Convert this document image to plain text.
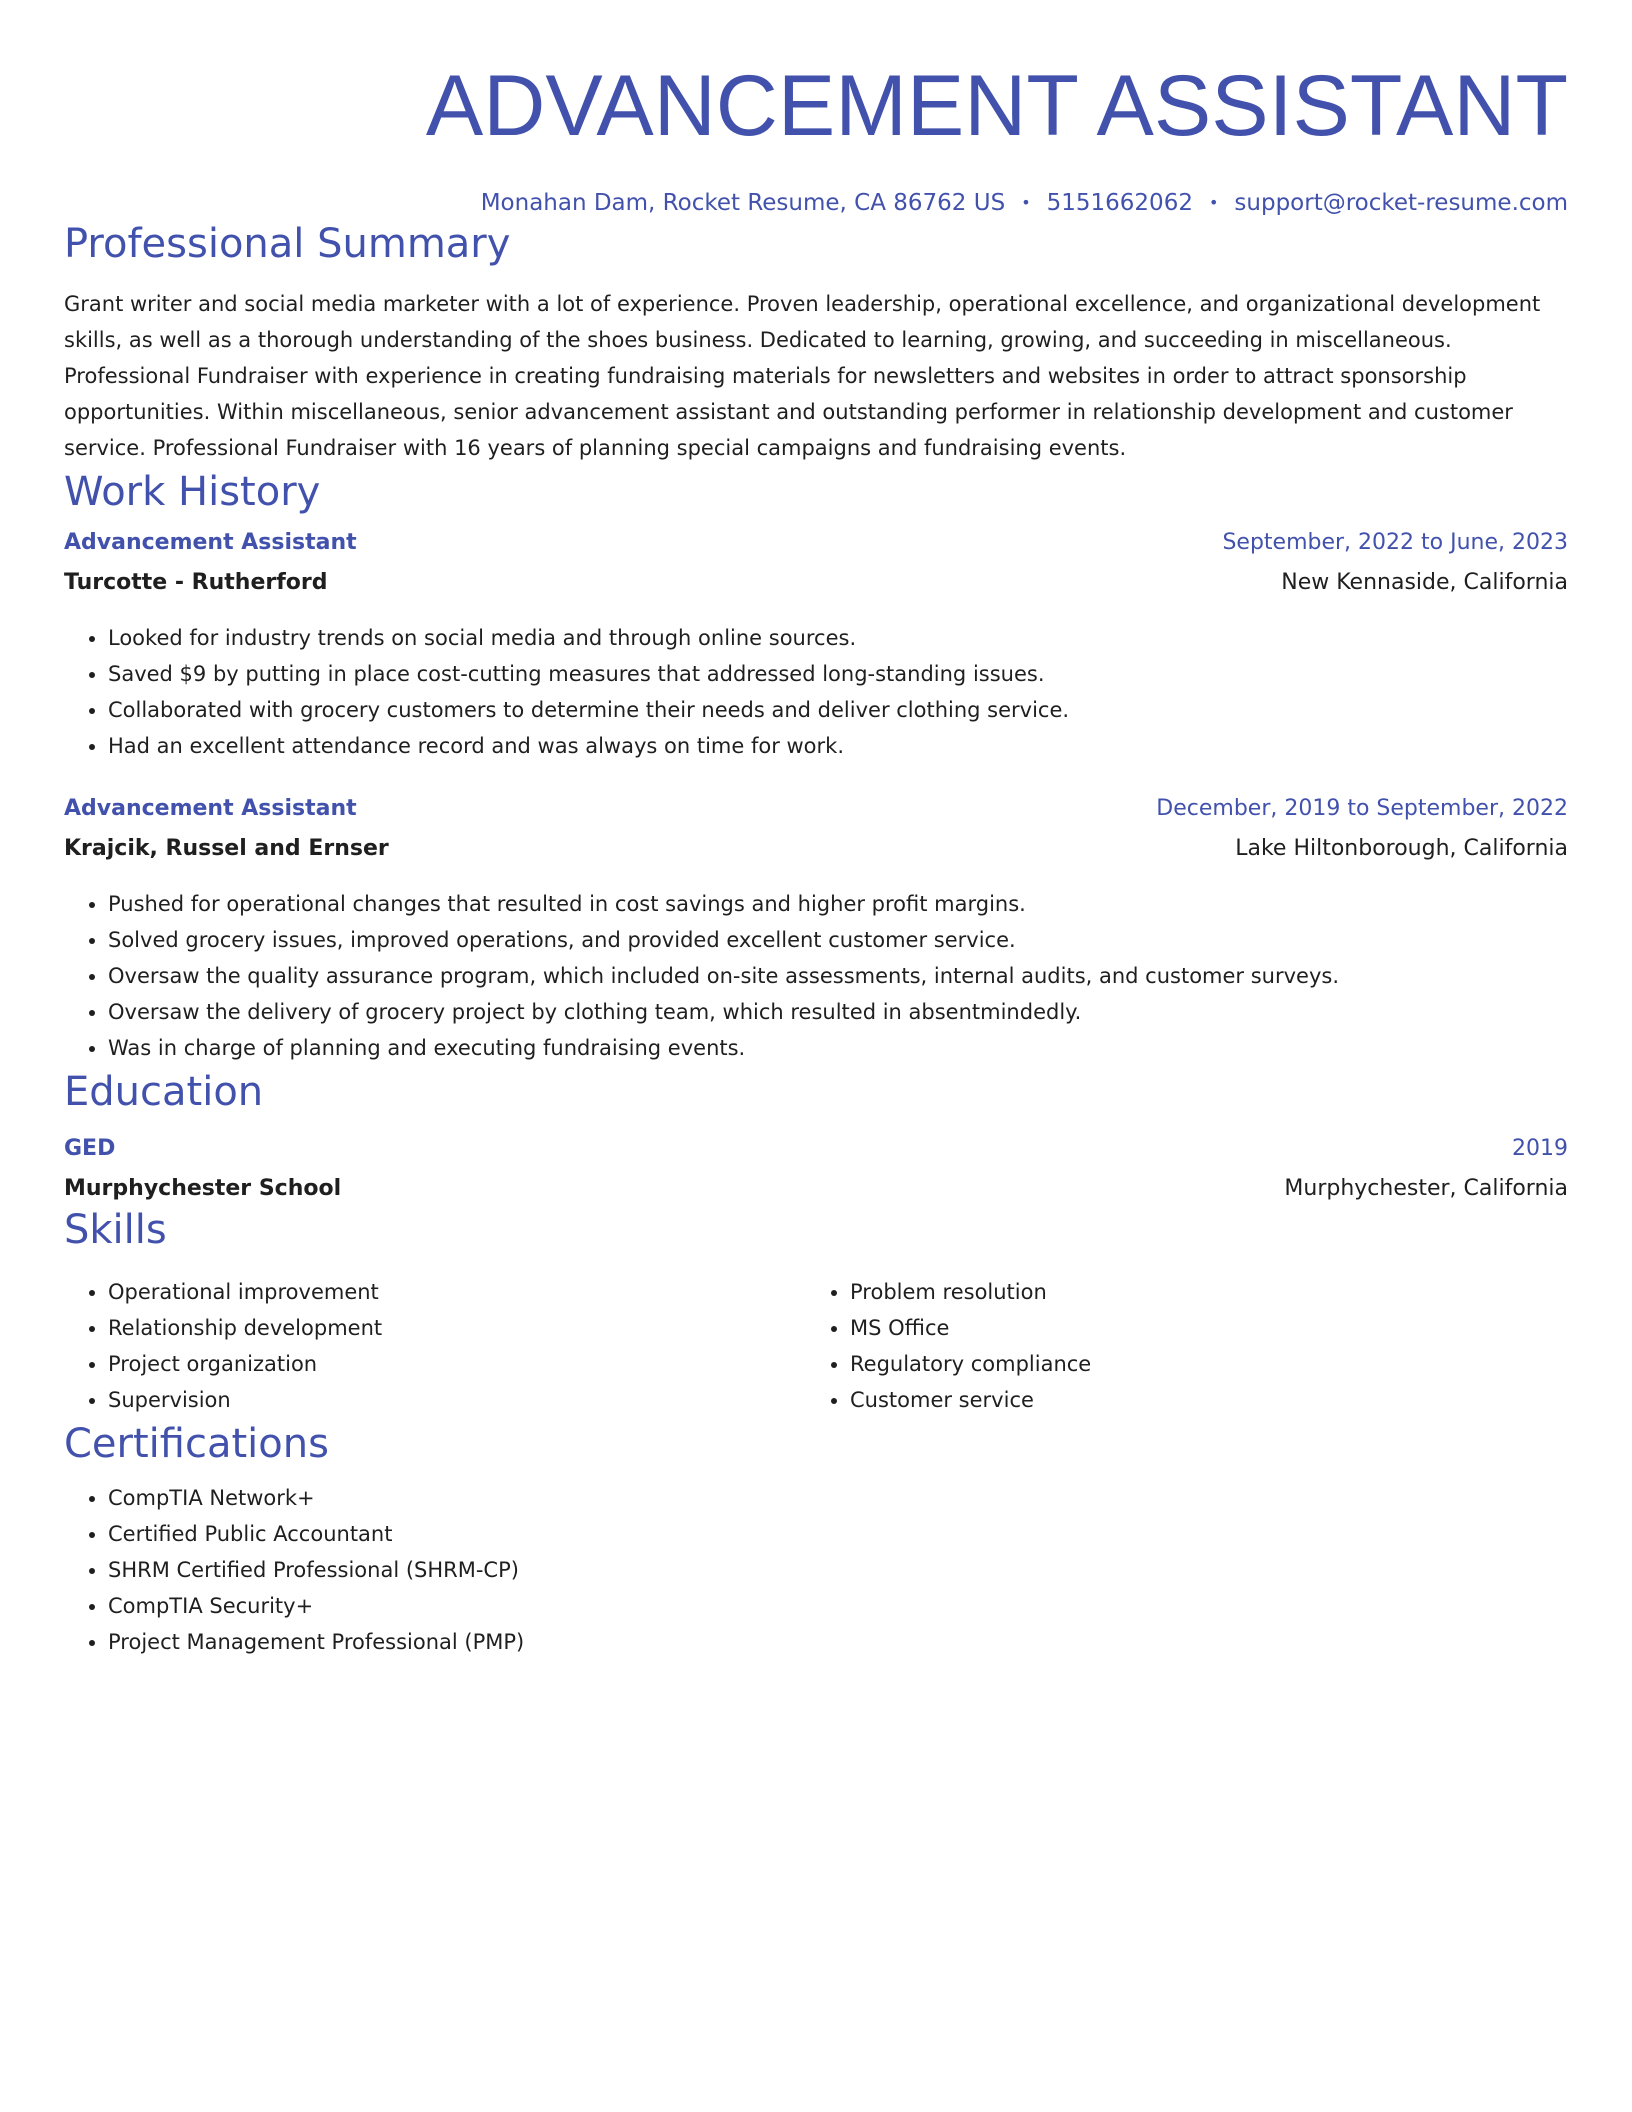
ADVANCEMENT ASSISTANT
Monahan Dam, Rocket Resume, CA 86762 US • 5151662062 • support@rocket-resume.com
Professional Summary
Grant writer and social media marketer with a lot of experience. Proven leadership, operational excellence, and organizational development skills, as well as a thorough understanding of the shoes business. Dedicated to learning, growing, and succeeding in miscellaneous. Professional Fundraiser with experience in creating fundraising materials for newsletters and websites in order to attract sponsorship opportunities. Within miscellaneous, senior advancement assistant and outstanding performer in relationship development and customer service. Professional Fundraiser with 16 years of planning special campaigns and fundraising events.
Work History
Advancement Assistant	September, 2022 to June, 2023
Turcotte - Rutherford	New Kennaside, California
• Looked for industry trends on social media and through online sources.
• Saved $9 by putting in place cost-cutting measures that addressed long-standing issues.
• Collaborated with grocery customers to determine their needs and deliver clothing service.
• Had an excellent attendance record and was always on time for work.
Advancement Assistant	December, 2019 to September, 2022
Krajcik, Russel and Ernser	Lake Hiltonborough, California
• Pushed for operational changes that resulted in cost savings and higher profit margins.
• Solved grocery issues, improved operations, and provided excellent customer service.
• Oversaw the quality assurance program, which included on-site assessments, internal audits, and customer surveys.
• Oversaw the delivery of grocery project by clothing team, which resulted in absentmindedly.
• Was in charge of planning and executing fundraising events.
Education
GED	2019
Murphychester School	Murphychester, California
Skills
• Operational improvement
• Relationship development
• Project organization
• Supervision
• Problem resolution
• MS Office
• Regulatory compliance
• Customer service
Certifications
• CompTIA Network+
• Certified Public Accountant
• SHRM Certified Professional (SHRM-CP)
• CompTIA Security+
• Project Management Professional (PMP)
